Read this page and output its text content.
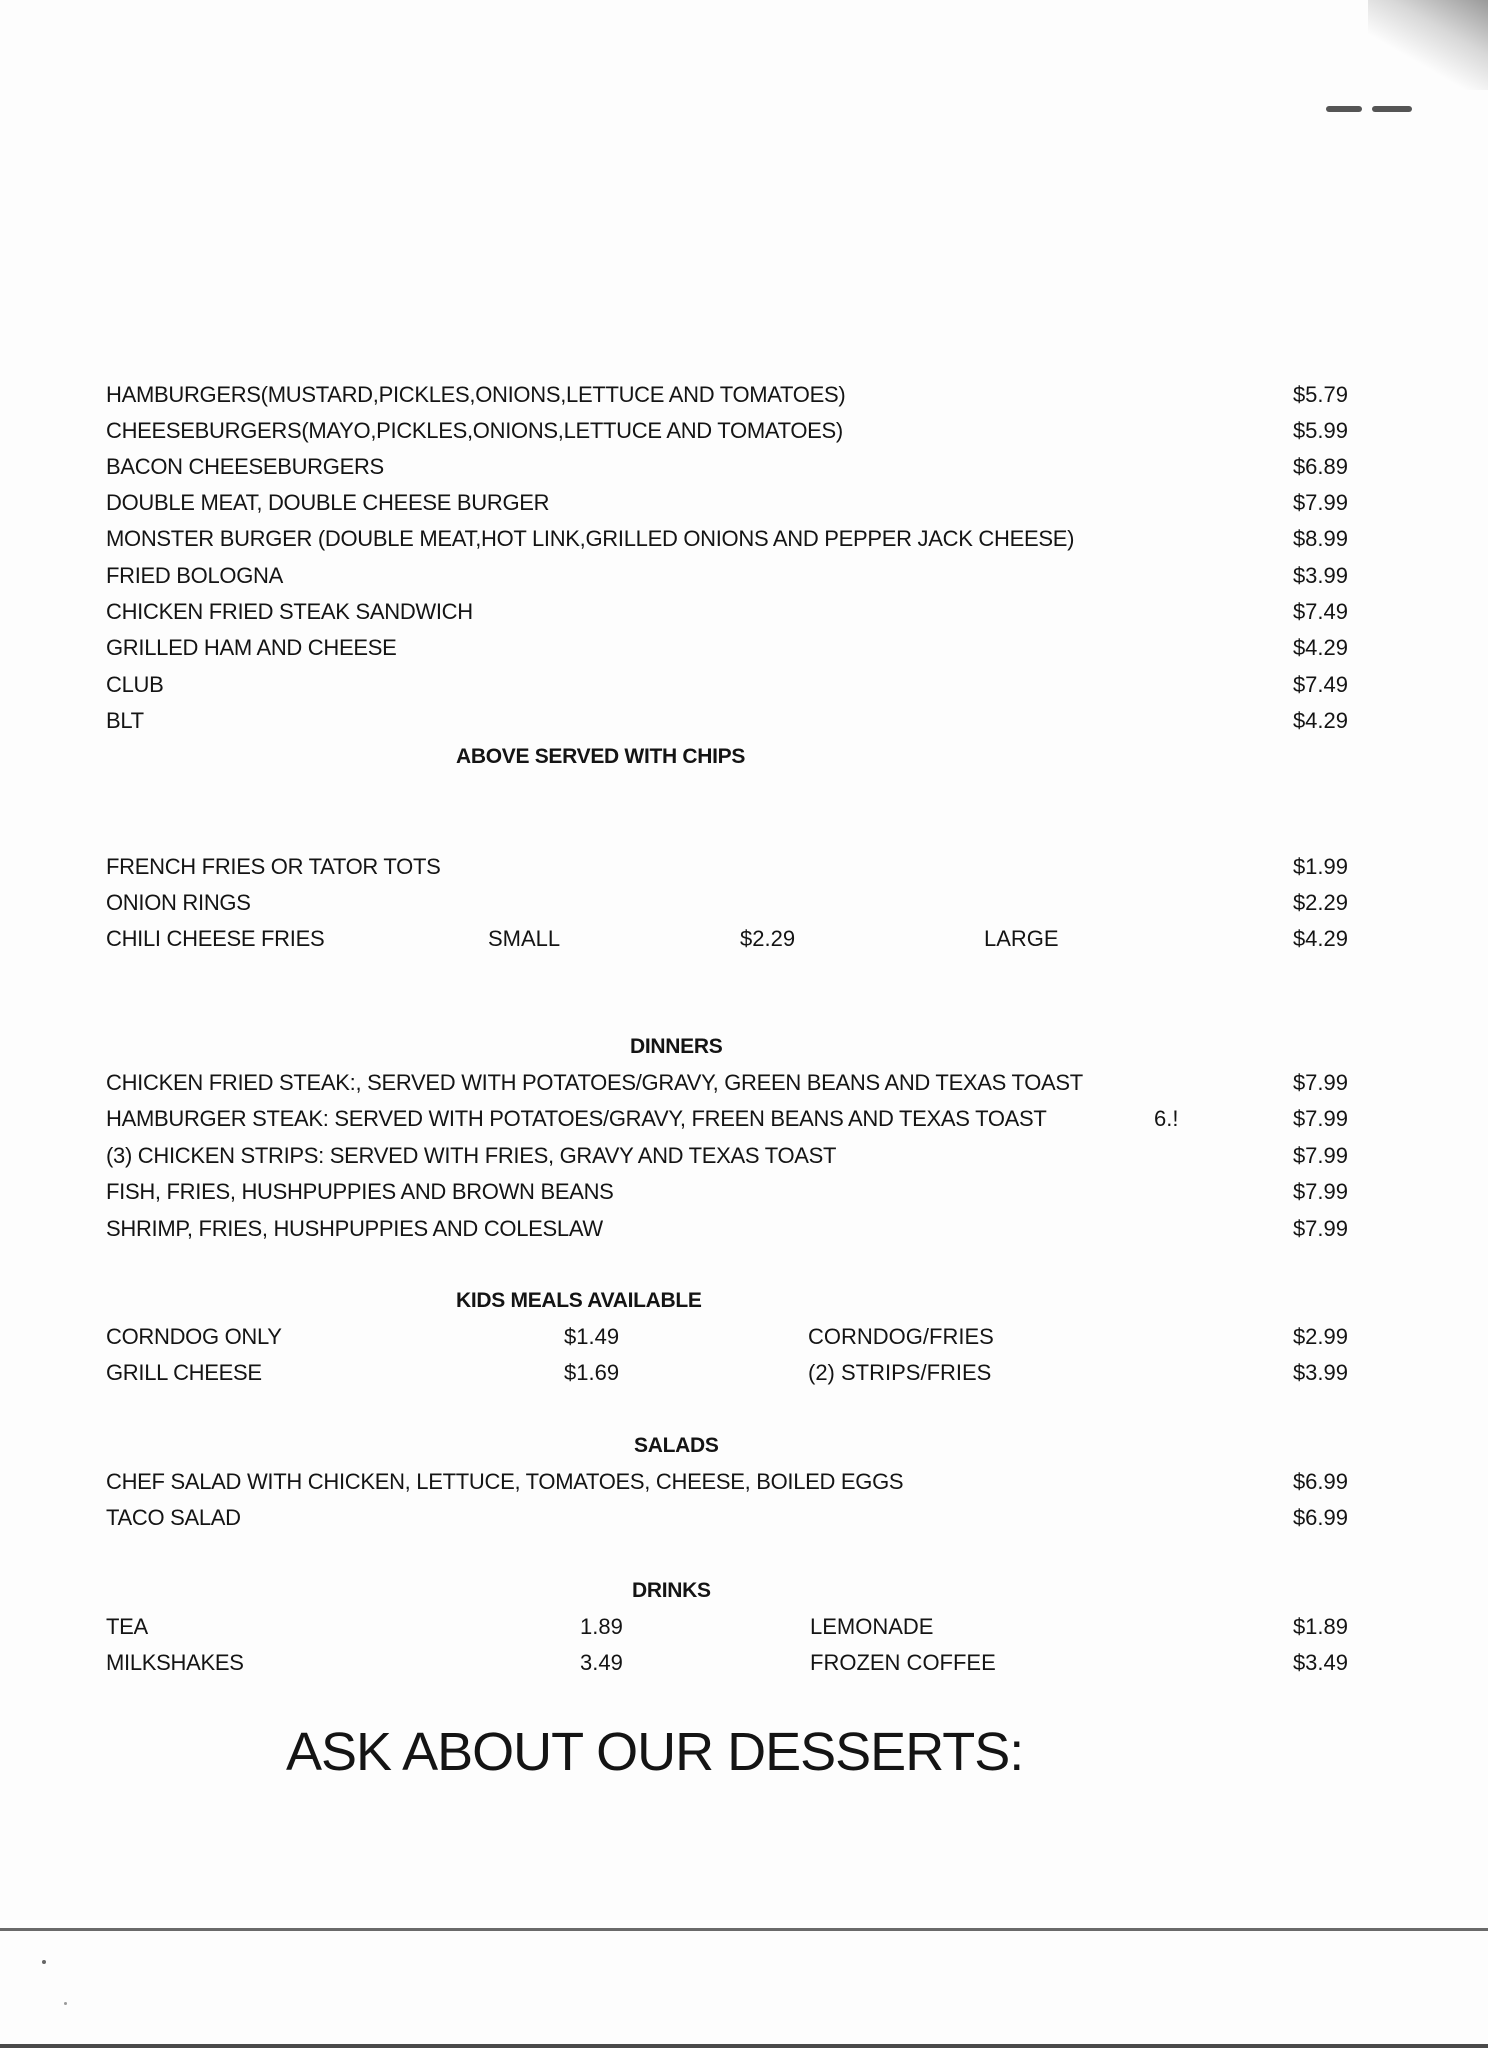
HAMBURGERS(MUSTARD,PICKLES,ONIONS,LETTUCE AND TOMATOES)	$5.79
CHEESEBURGERS(MAYO,PICKLES,ONIONS,LETTUCE AND TOMATOES)	$5.99
BACON CHEESEBURGERS	$6.89
DOUBLE MEAT, DOUBLE CHEESE BURGER	$7.99
MONSTER BURGER (DOUBLE MEAT,HOT LINK,GRILLED ONIONS AND PEPPER JACK CHEESE)	$8.99
FRIED BOLOGNA	$3.99
CHICKEN FRIED STEAK SANDWICH	$7.49
GRILLED HAM AND CHEESE	$4.29
CLUB	$7.49
BLT	$4.29
ABOVE SERVED WITH CHIPS
FRENCH FRIES OR TATOR TOTS	$1.99
ONION RINGS	$2.29
CHILI CHEESE FRIES	SMALL	$2.29	LARGE	$4.29
DINNERS
CHICKEN FRIED STEAK:, SERVED WITH POTATOES/GRAVY, GREEN BEANS AND TEXAS TOAST	$7.99
HAMBURGER STEAK: SERVED WITH POTATOES/GRAVY, FREEN BEANS AND TEXAS TOAST	6.!	$7.99
(3) CHICKEN STRIPS: SERVED WITH FRIES, GRAVY AND TEXAS TOAST	$7.99
FISH, FRIES, HUSHPUPPIES AND BROWN BEANS	$7.99
SHRIMP, FRIES, HUSHPUPPIES AND COLESLAW	$7.99
KIDS MEALS AVAILABLE
CORNDOG ONLY	$1.49	CORNDOG/FRIES	$2.99
GRILL CHEESE	$1.69	(2) STRIPS/FRIES	$3.99
SALADS
CHEF SALAD WITH CHICKEN, LETTUCE, TOMATOES, CHEESE, BOILED EGGS	$6.99
TACO SALAD	$6.99
DRINKS
TEA	1.89	LEMONADE	$1.89
MILKSHAKES	3.49	FROZEN COFFEE	$3.49
ASK ABOUT OUR DESSERTS:
